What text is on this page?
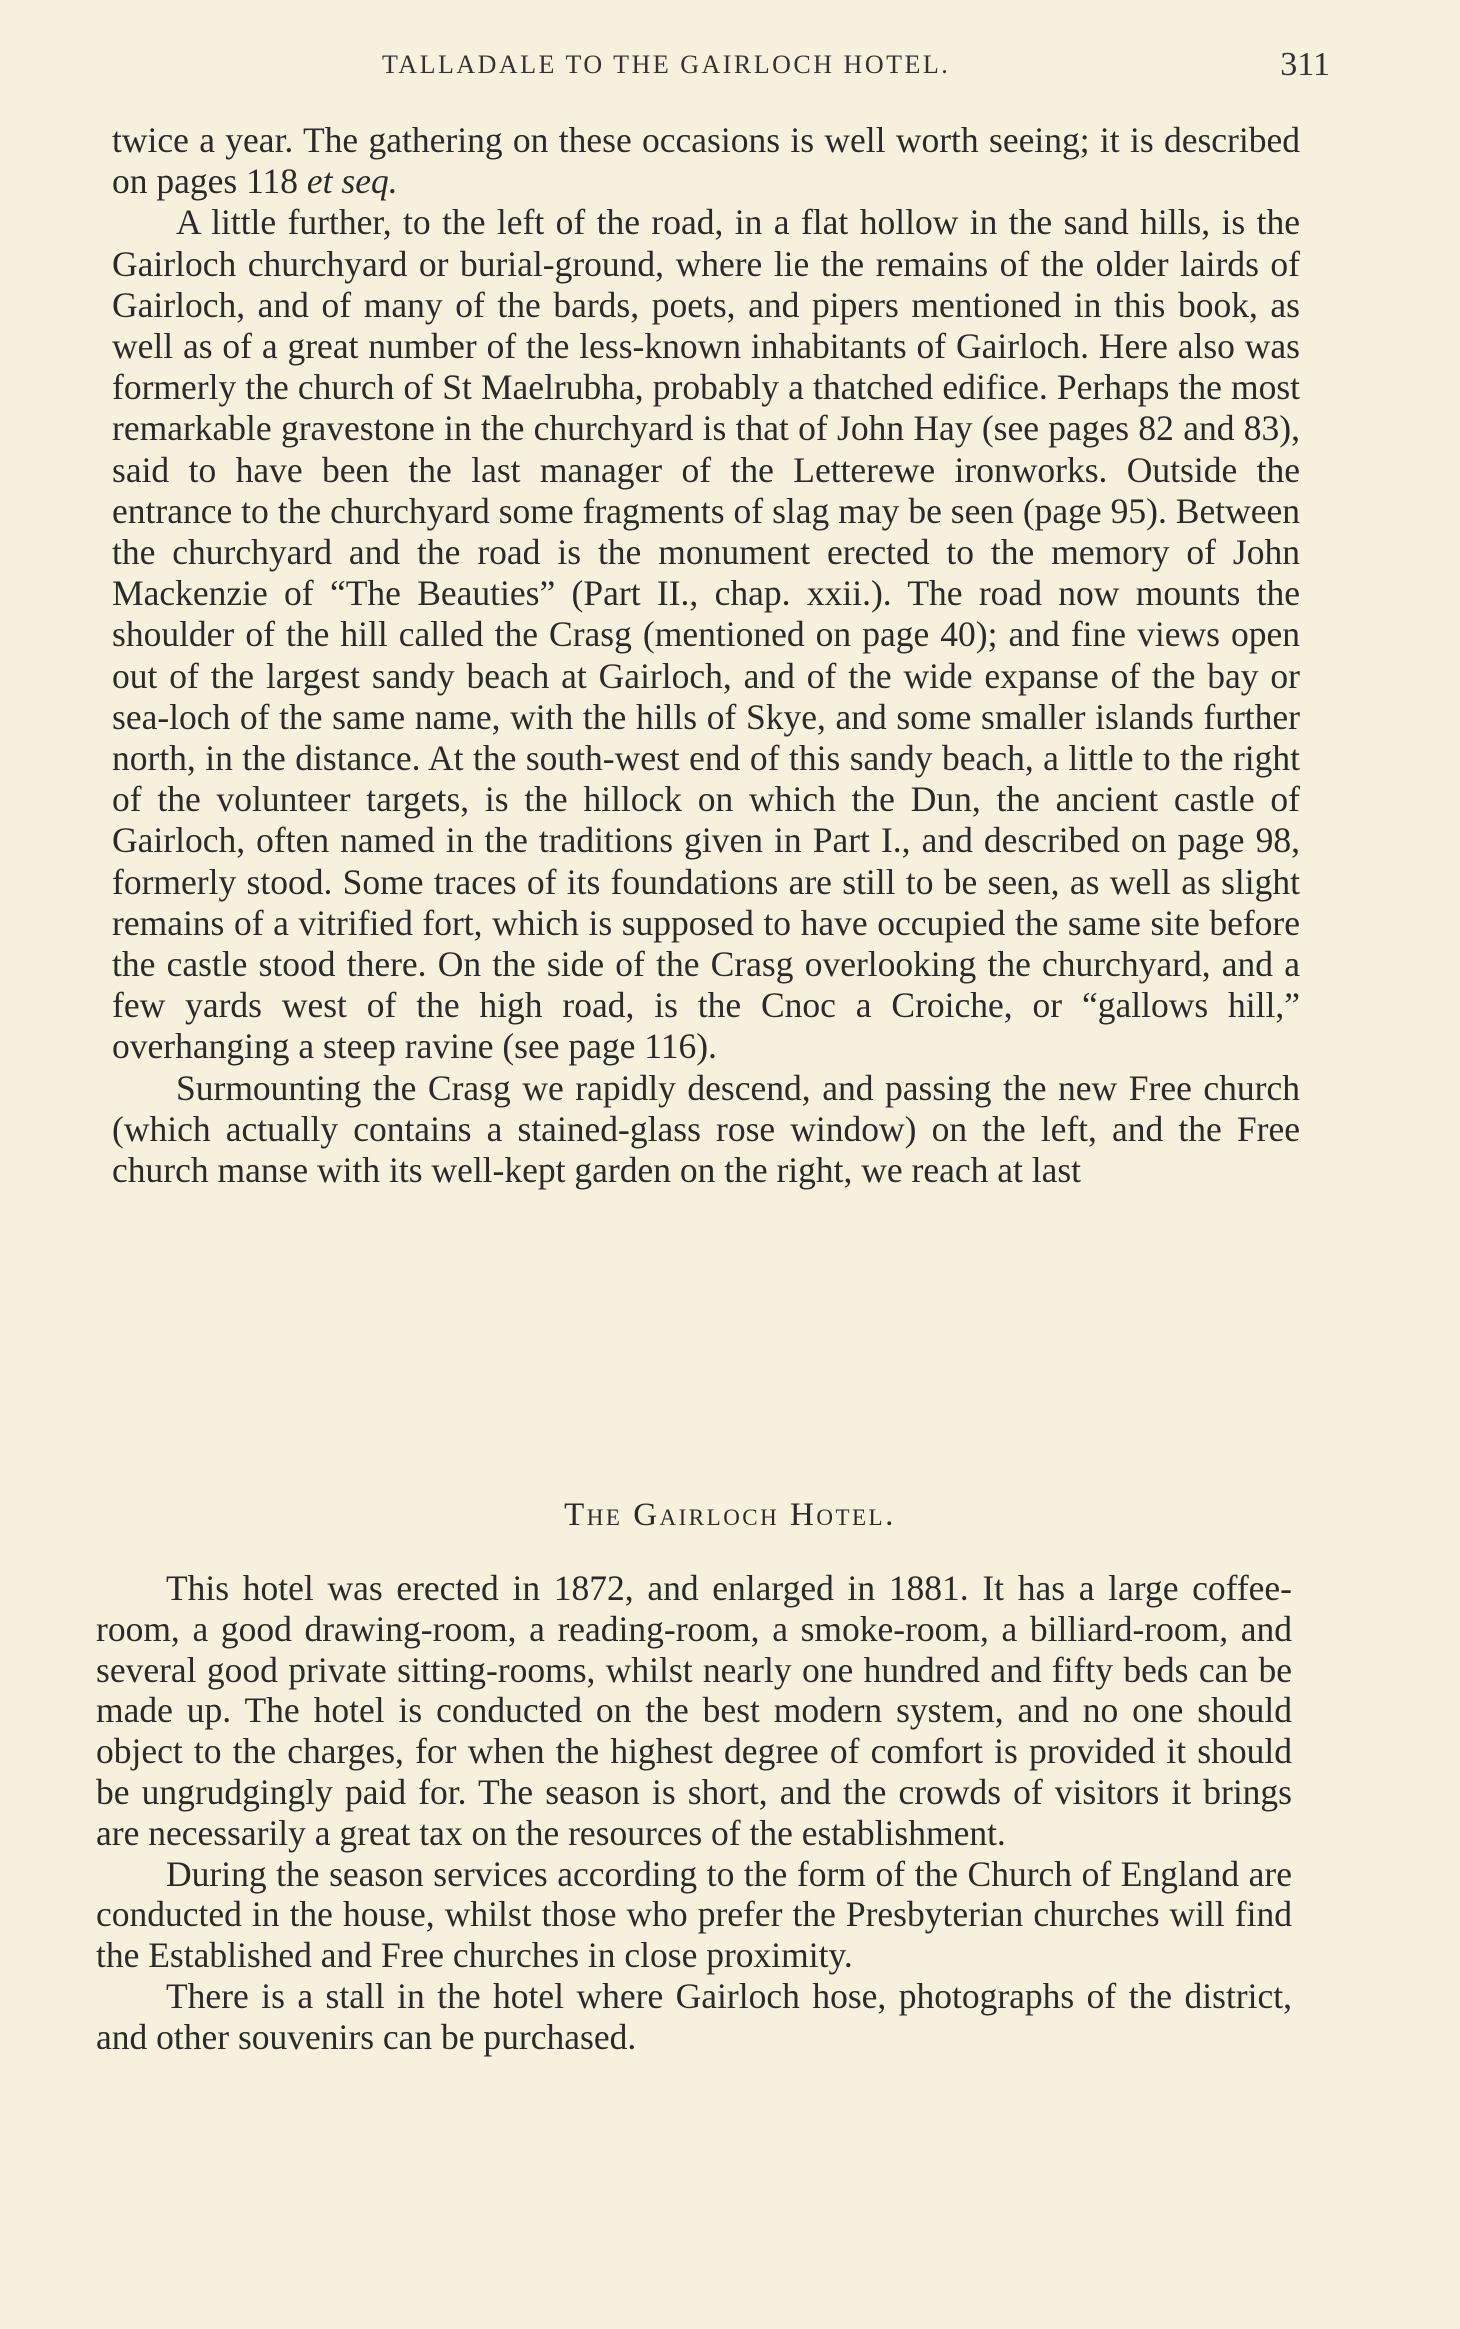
TALLADALE TO THE GAIRLOCH HOTEL.	311

twice a year. The gathering on these occasions is well worth seeing; it is described on pages 118 et seq.

A little further, to the left of the road, in a flat hollow in the sand hills, is the Gairloch churchyard or burial-ground, where lie the remains of the older lairds of Gairloch, and of many of the bards, poets, and pipers mentioned in this book, as well as of a great number of the less-known inhabitants of Gairloch. Here also was formerly the church of St Maelrubha, probably a thatched edifice. Perhaps the most remarkable gravestone in the churchyard is that of John Hay (see pages 82 and 83), said to have been the last manager of the Letterewe ironworks. Outside the entrance to the churchyard some fragments of slag may be seen (page 95). Between the churchyard and the road is the monument erected to the memory of John Mackenzie of “The Beauties” (Part II., chap. xxii.). The road now mounts the shoulder of the hill called the Crasg (mentioned on page 40); and fine views open out of the largest sandy beach at Gairloch, and of the wide expanse of the bay or sea-loch of the same name, with the hills of Skye, and some smaller islands further north, in the distance. At the south-west end of this sandy beach, a little to the right of the volunteer targets, is the hillock on which the Dun, the ancient castle of Gairloch, often named in the traditions given in Part I., and described on page 98, formerly stood. Some traces of its foundations are still to be seen, as well as slight remains of a vitrified fort, which is supposed to have occupied the same site before the castle stood there. On the side of the Crasg overlooking the churchyard, and a few yards west of the high road, is the Cnoc a Croiche, or “gallows hill,” overhanging a steep ravine (see page 116).

Surmounting the Crasg we rapidly descend, and passing the new Free church (which actually contains a stained-glass rose window) on the left, and the Free church manse with its well-kept garden on the right, we reach at last

The Gairloch Hotel.

This hotel was erected in 1872, and enlarged in 1881. It has a large coffee-room, a good drawing-room, a reading-room, a smoke-room, a billiard-room, and several good private sitting-rooms, whilst nearly one hundred and fifty beds can be made up. The hotel is conducted on the best modern system, and no one should object to the charges, for when the highest degree of comfort is provided it should be ungrudgingly paid for. The season is short, and the crowds of visitors it brings are necessarily a great tax on the resources of the establishment.

During the season services according to the form of the Church of England are conducted in the house, whilst those who prefer the Presbyterian churches will find the Established and Free churches in close proximity.

There is a stall in the hotel where Gairloch hose, photographs of the district, and other souvenirs can be purchased.
